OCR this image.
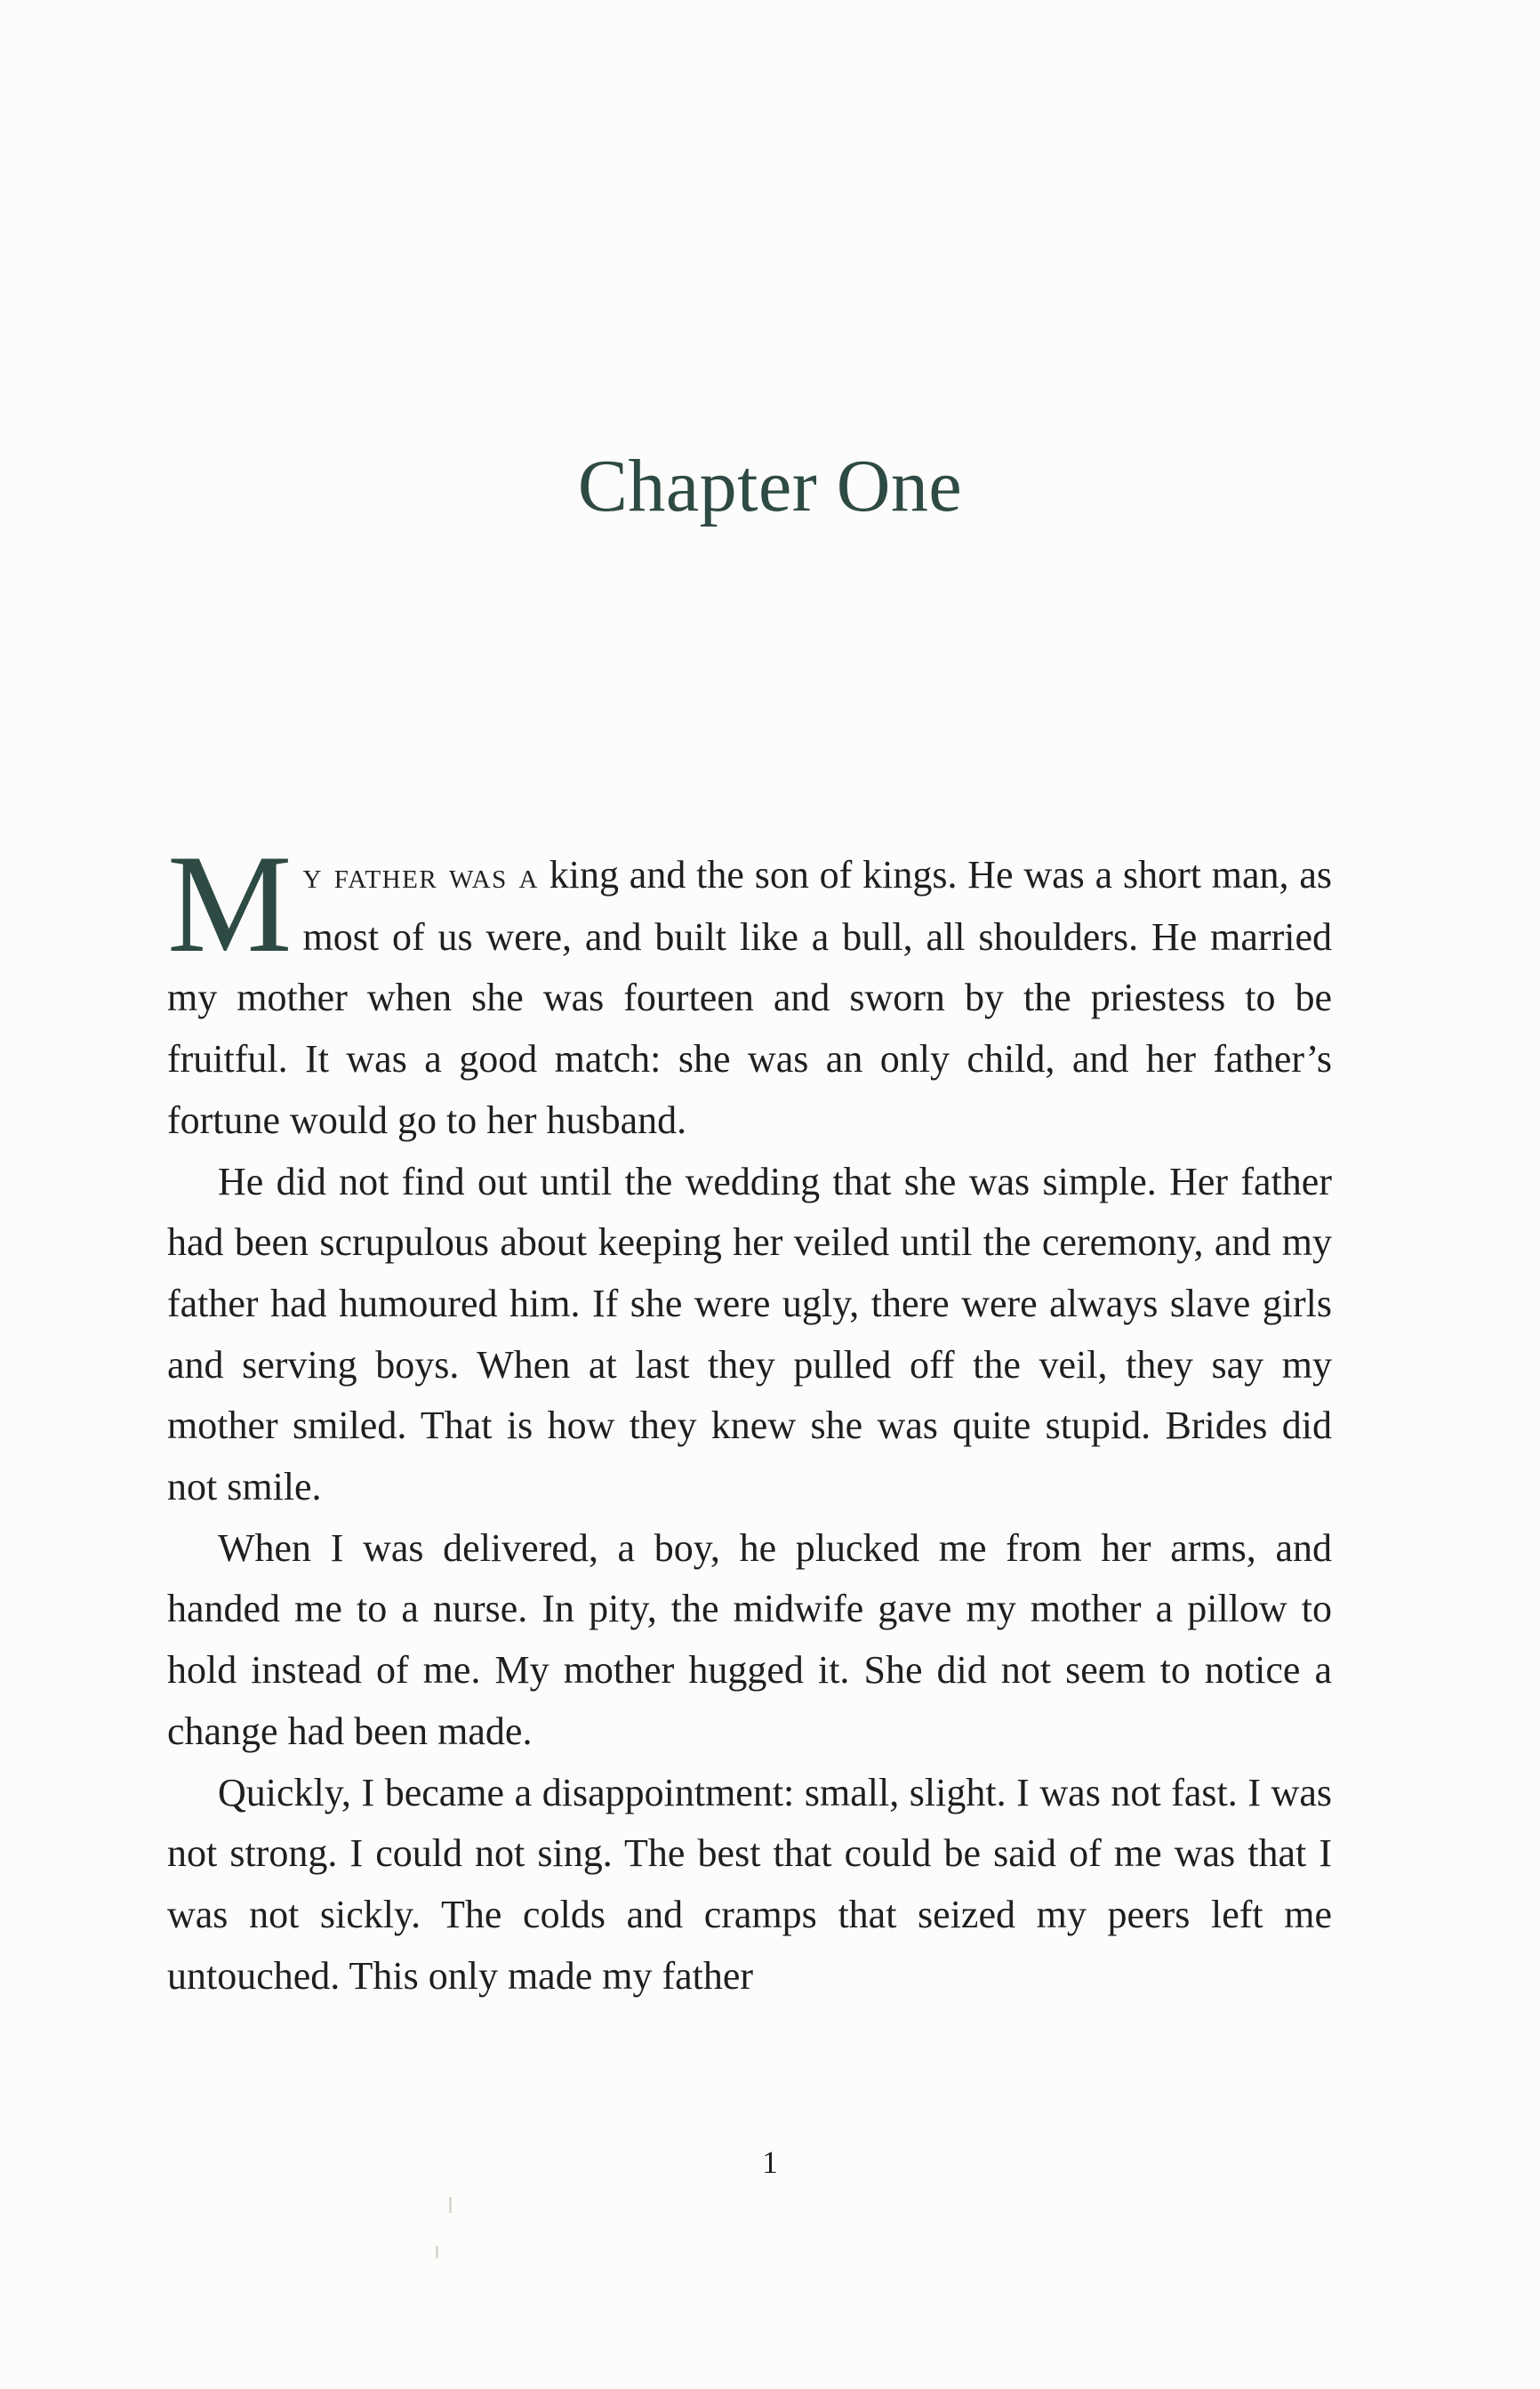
Chapter One

My father was a king and the son of kings. He was a short man, as most of us were, and built like a bull, all shoulders. He married my mother when she was fourteen and sworn by the priestess to be fruitful. It was a good match: she was an only child, and her father’s fortune would go to her husband.

He did not find out until the wedding that she was simple. Her father had been scrupulous about keeping her veiled until the ceremony, and my father had humoured him. If she were ugly, there were always slave girls and serving boys. When at last they pulled off the veil, they say my mother smiled. That is how they knew she was quite stupid. Brides did not smile.

When I was delivered, a boy, he plucked me from her arms, and handed me to a nurse. In pity, the midwife gave my mother a pillow to hold instead of me. My mother hugged it. She did not seem to notice a change had been made.

Quickly, I became a disappointment: small, slight. I was not fast. I was not strong. I could not sing. The best that could be said of me was that I was not sickly. The colds and cramps that seized my peers left me untouched. This only made my father

1
